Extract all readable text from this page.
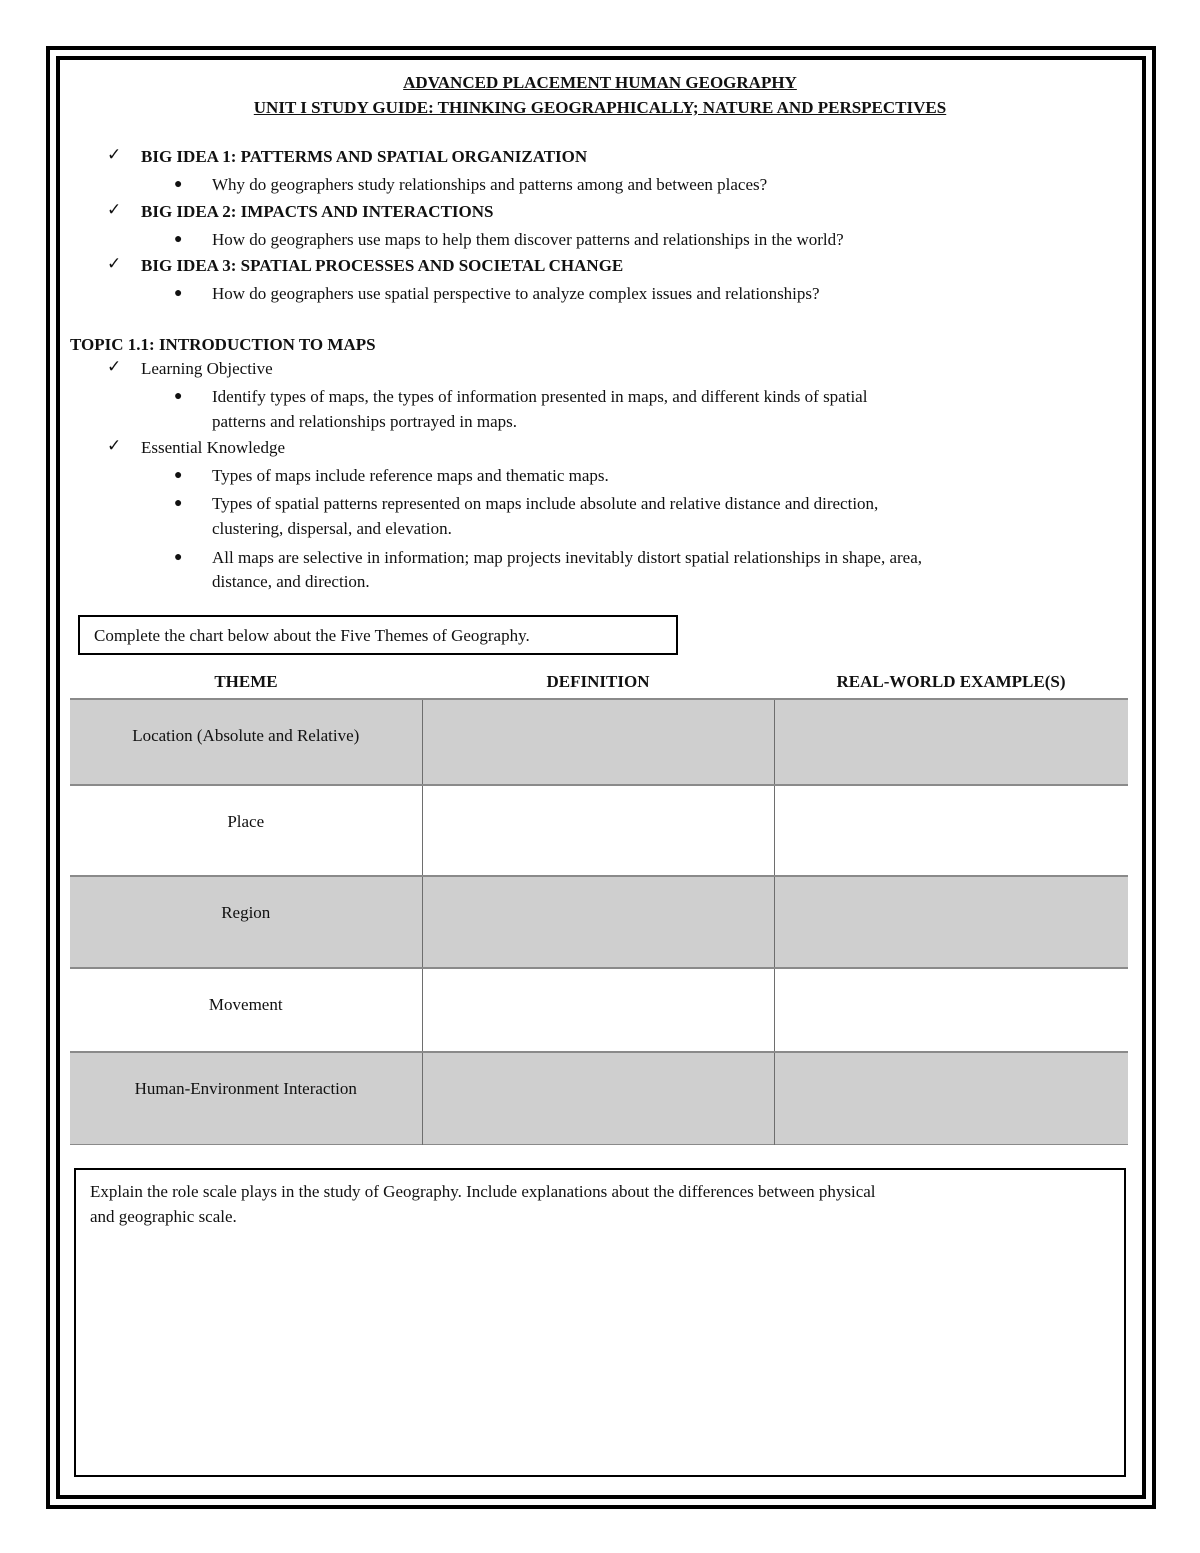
ADVANCED PLACEMENT HUMAN GEOGRAPHY
UNIT I STUDY GUIDE: THINKING GEOGRAPHICALLY; NATURE AND PERSPECTIVES
✓ BIG IDEA 1: PATTERMS AND SPATIAL ORGANIZATION
● Why do geographers study relationships and patterns among and between places?
✓ BIG IDEA 2: IMPACTS AND INTERACTIONS
● How do geographers use maps to help them discover patterns and relationships in the world?
✓ BIG IDEA 3: SPATIAL PROCESSES AND SOCIETAL CHANGE
● How do geographers use spatial perspective to analyze complex issues and relationships?
TOPIC 1.1: INTRODUCTION TO MAPS
✓ Learning Objective
● Identify types of maps, the types of information presented in maps, and different kinds of spatial
patterns and relationships portrayed in maps.
✓ Essential Knowledge
● Types of maps include reference maps and thematic maps.
● Types of spatial patterns represented on maps include absolute and relative distance and direction,
clustering, dispersal, and elevation.
● All maps are selective in information; map projects inevitably distort spatial relationships in shape, area,
distance, and direction.
Complete the chart below about the Five Themes of Geography.
THEME	DEFINITION	REAL-WORLD EXAMPLE(S)
Location (Absolute and Relative)		
Place		
Region		
Movement		
Human-Environment Interaction		
Explain the role scale plays in the study of Geography. Include explanations about the differences between physical
and geographic scale.
